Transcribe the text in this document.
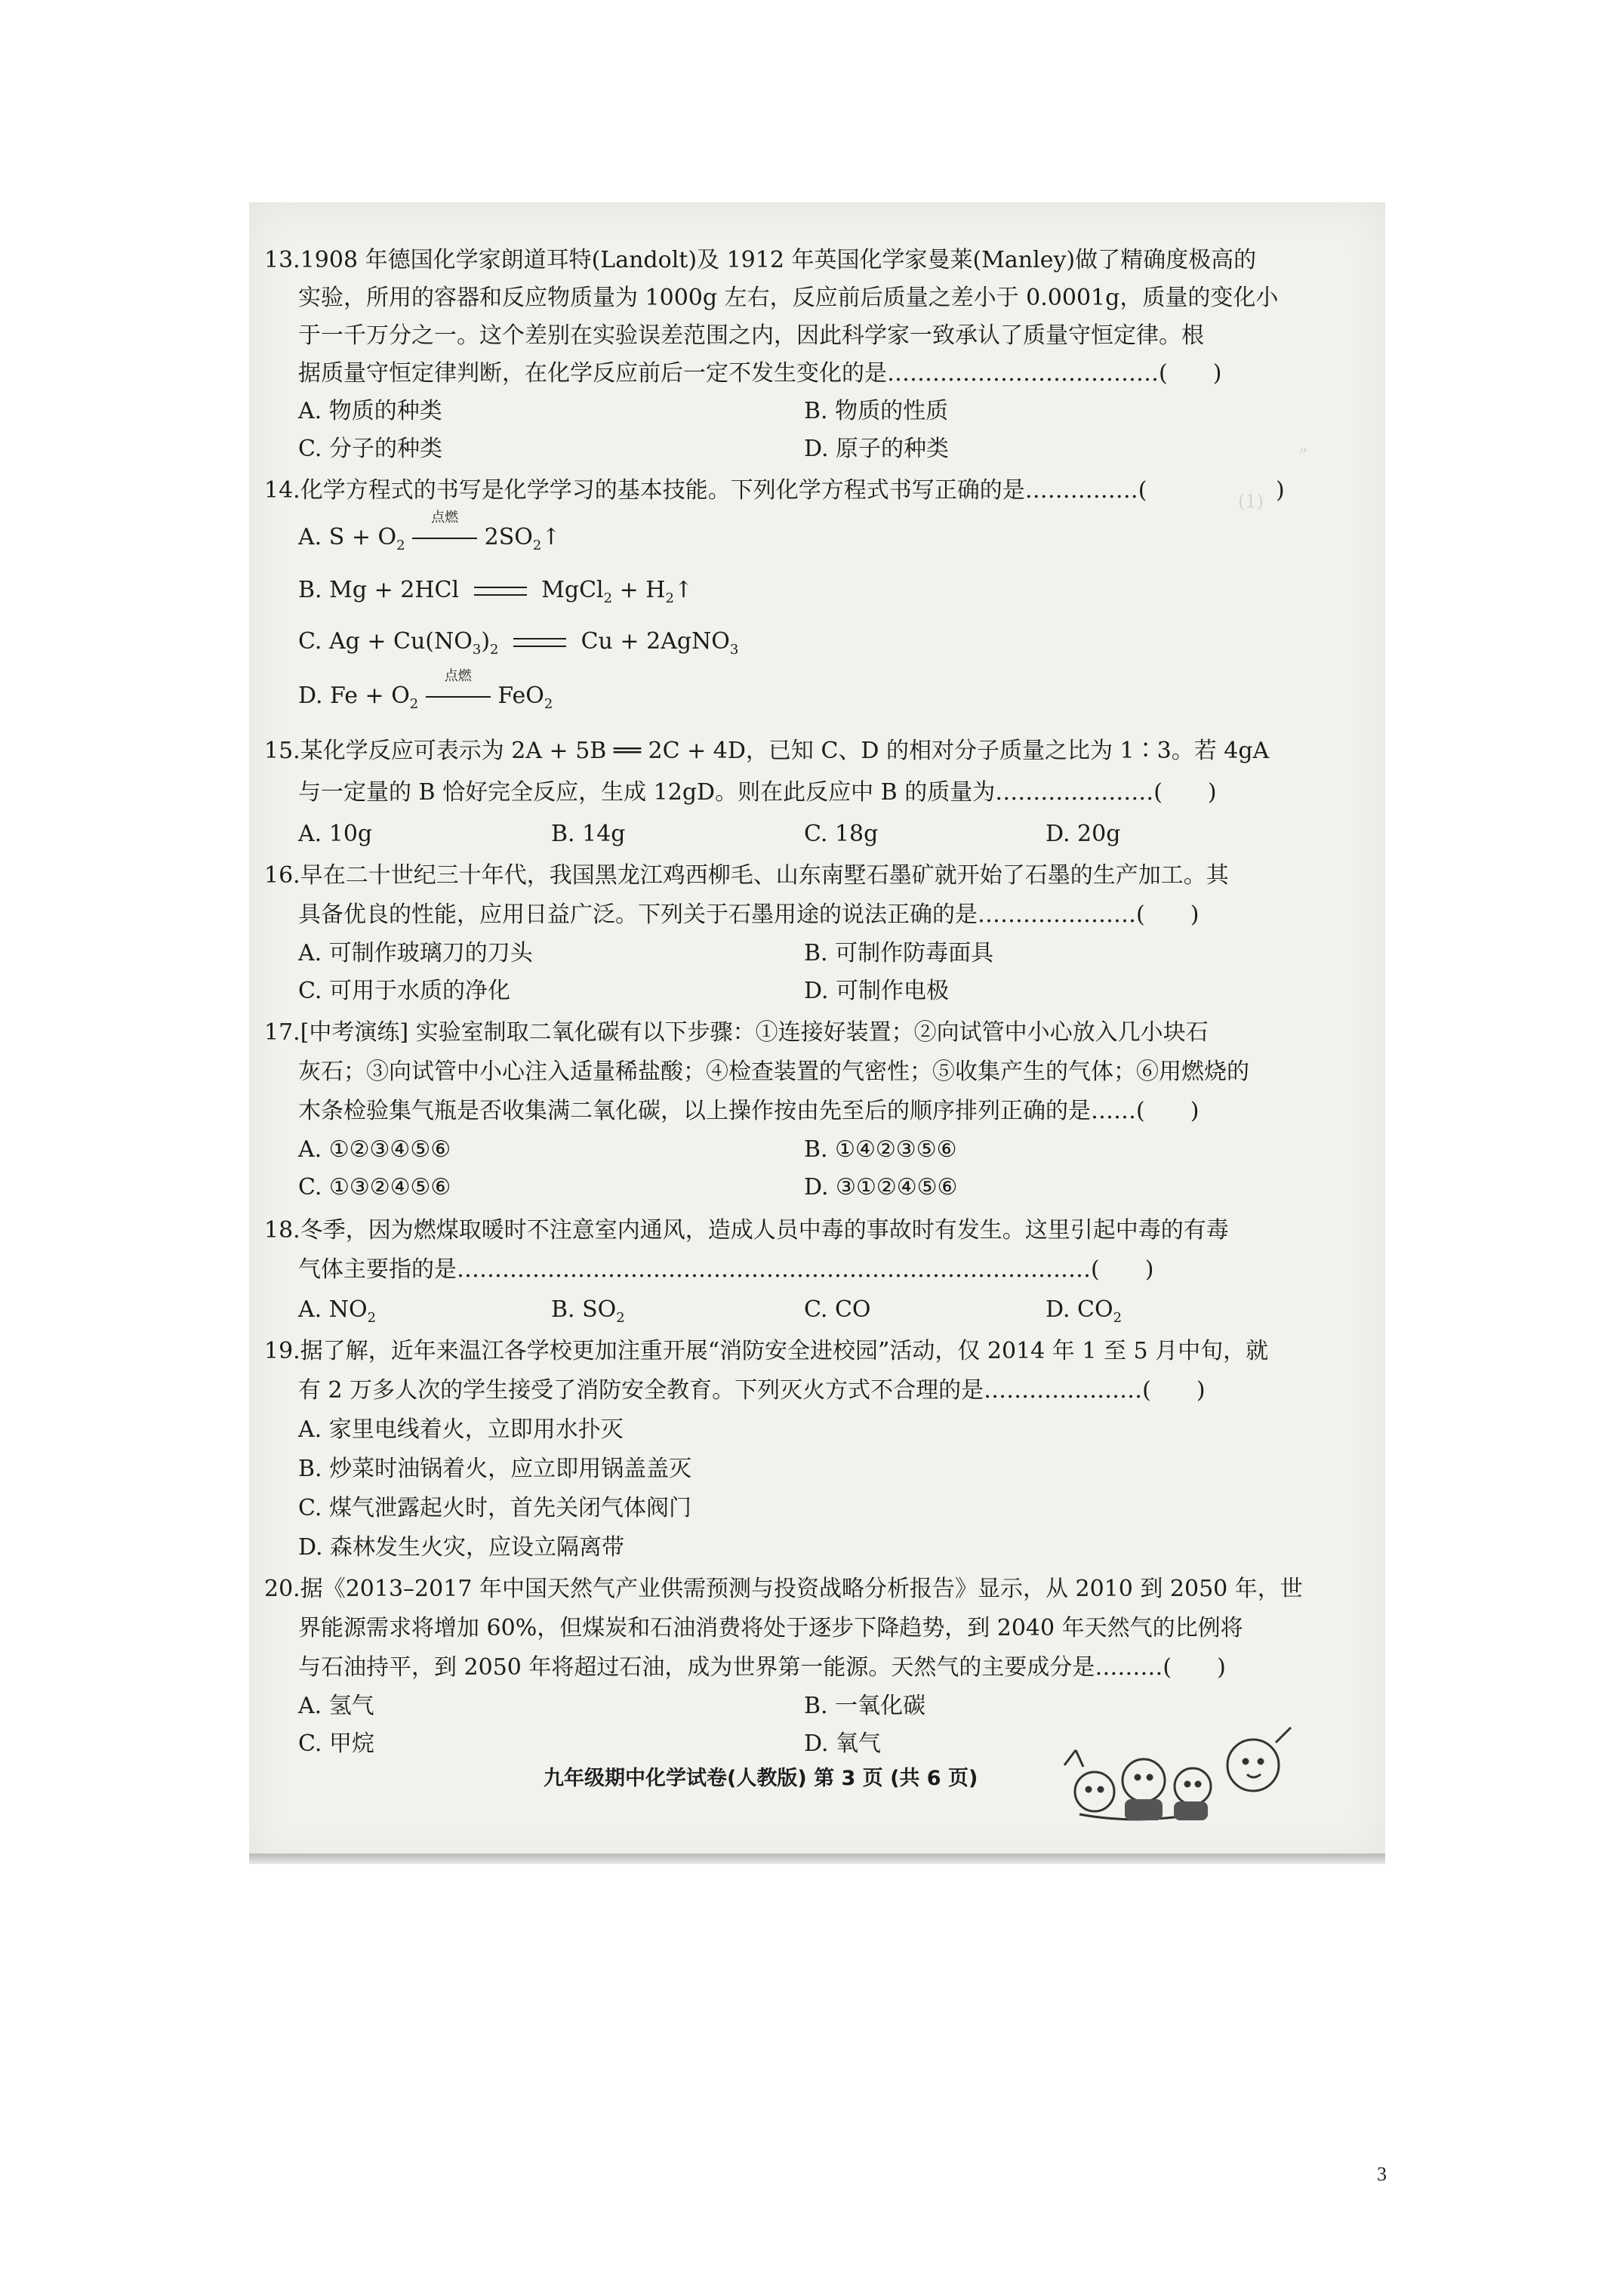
”
(1)
13.1908 年德国化学家朗道耳特(Landolt)及 1912 年英国化学家曼莱(Manley)做了精确度极高的
实验，所用的容器和反应物质量为 1000g 左右，反应前后质量之差小于 0.0001g，质量的变化小
于一千万分之一。这个差别在实验误差范围之内，因此科学家一致承认了质量守恒定律。根
据质量守恒定律判断，在化学反应前后一定不发生变化的是………………………………(　　)
A. 物质的种类	B. 物质的性质
C. 分子的种类	D. 原子的种类
14.化学方程式的书写是化学学习的基本技能。下列化学方程式书写正确的是……………(	)
A. $S + O_2$
点燃
$2SO_2↑$
B. Mg + 2HCl	MgCl$_2$ + $H_2↑$
C. $Ag + Cu(NO_3)_2$	Cu + 2AgNO$_3$
D. $Fe + O_2$
点燃
FeO$_2$
15.某化学反应可表示为 2A + 5B ══ 2C + 4D，已知 C、D 的相对分子质量之比为 1∶3。若 4gA
与一定量的 B 恰好完全反应，生成 12gD。则在此反应中 B 的质量为…………………(　　)
A. 10g	B. 14g	C. 18g	D. 20g
16.早在二十世纪三十年代，我国黑龙江鸡西柳毛、山东南墅石墨矿就开始了石墨的生产加工。其
具备优良的性能，应用日益广泛。下列关于石墨用途的说法正确的是…………………(　　)
A. 可制作玻璃刀的刀头	B. 可制作防毒面具
C. 可用于水质的净化	D. 可制作电极
17.[中考演练] 实验室制取二氧化碳有以下步骤：①连接好装置；②向试管中小心放入几小块石
灰石；③向试管中小心注入适量稀盐酸；④检查装置的气密性；⑤收集产生的气体；⑥用燃烧的
木条检验集气瓶是否收集满二氧化碳，以上操作按由先至后的顺序排列正确的是……(　　)
A. ①②③④⑤⑥	B. ①④②③⑤⑥
C. ①③②④⑤⑥	D. ③①②④⑤⑥
18.冬季，因为燃煤取暖时不注意室内通风，造成人员中毒的事故时有发生。这里引起中毒的有毒
气体主要指的是…………………………………………………………………………(　　)
A. $NO_2$	B. $SO_2$	C. CO	D. $CO_2$
19.据了解，近年来温江各学校更加注重开展“消防安全进校园”活动，仅 2014 年 1 至 5 月中旬，就
有 2 万多人次的学生接受了消防安全教育。下列灭火方式不合理的是…………………(　　)
A. 家里电线着火，立即用水扑灭
B. 炒菜时油锅着火，应立即用锅盖盖灭
C. 煤气泄露起火时，首先关闭气体阀门
D. 森林发生火灾，应设立隔离带
20.据《2013–2017 年中国天然气产业供需预测与投资战略分析报告》显示，从 2010 到 2050 年，世
界能源需求将增加 60%，但煤炭和石油消费将处于逐步下降趋势，到 2040 年天然气的比例将
与石油持平，到 2050 年将超过石油，成为世界第一能源。天然气的主要成分是………(　　)
A. 氢气	B. 一氧化碳
C. 甲烷	D. 氧气
九年级期中化学试卷(人教版) 第 3 页 (共 6 页)
3
